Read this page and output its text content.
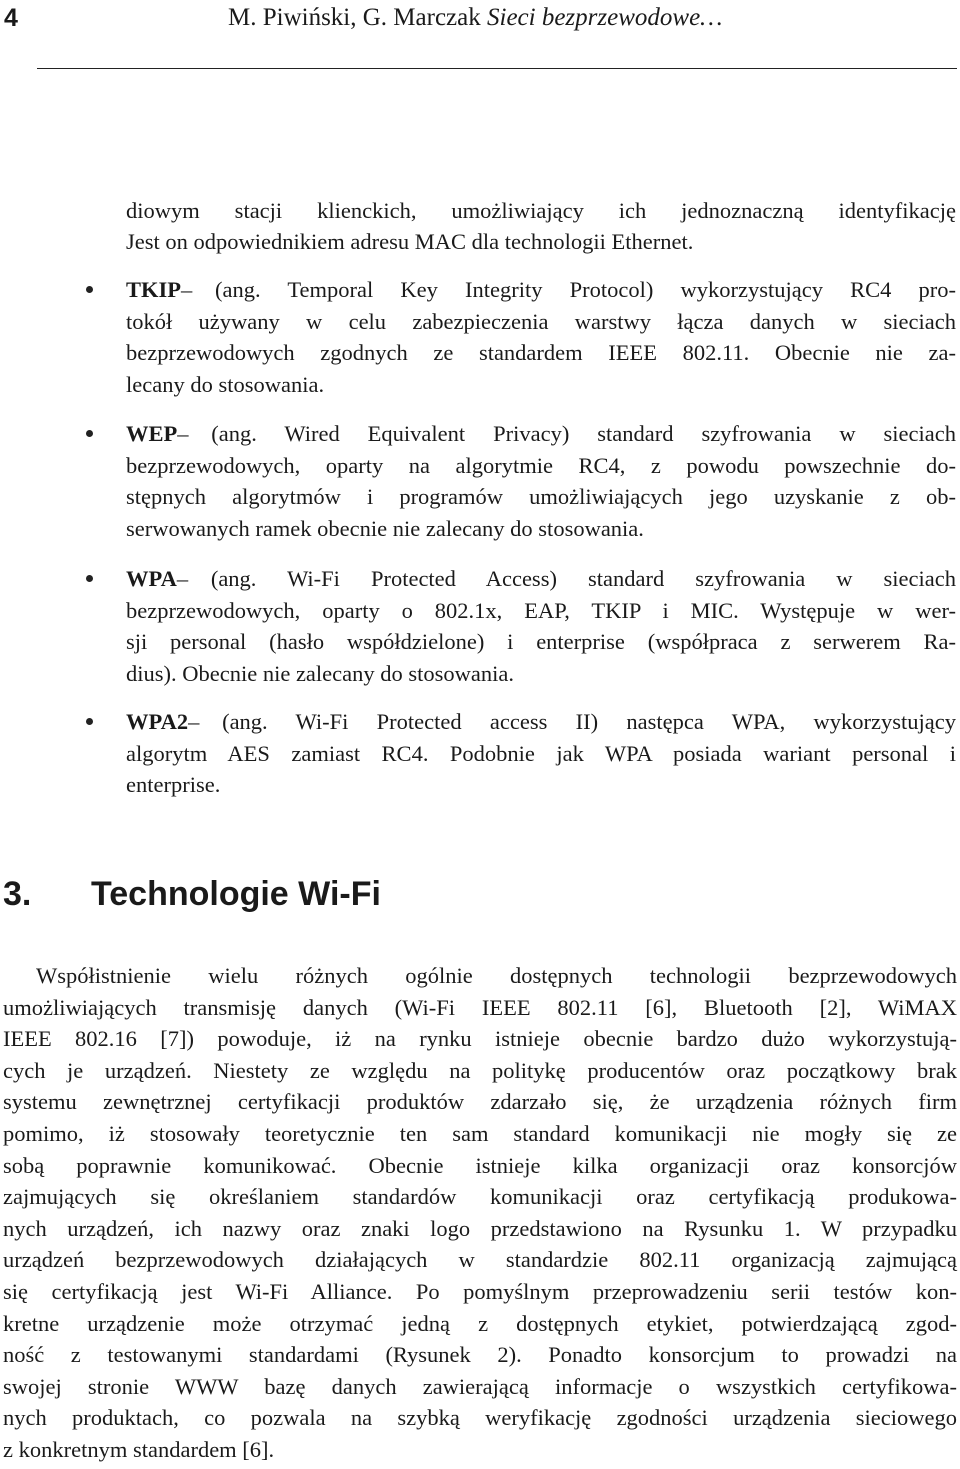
4	M. Piwiński, G. Marczak Sieci bezprzewodowe…
diowym stacji klienckich, umożliwiający ich jednoznaczną identyfikację
Jest on odpowiednikiem adresu MAC dla technologii Ethernet.
TKIP– (ang. Temporal Key Integrity Protocol) wykorzystujący RC4 pro-
tokół używany w celu zabezpieczenia warstwy łącza danych w sieciach
bezprzewodowych zgodnych ze standardem IEEE 802.11. Obecnie nie za-
lecany do stosowania.
WEP– (ang. Wired Equivalent Privacy) standard szyfrowania w sieciach
bezprzewodowych, oparty na algorytmie RC4, z powodu powszechnie do-
stępnych algorytmów i programów umożliwiających jego uzyskanie z ob-
serwowanych ramek obecnie nie zalecany do stosowania.
WPA– (ang. Wi-Fi Protected Access) standard szyfrowania w sieciach
bezprzewodowych, oparty o 802.1x, EAP, TKIP i MIC. Występuje w wer-
sji personal (hasło współdzielone) i enterprise (współpraca z serwerem Ra-
dius). Obecnie nie zalecany do stosowania.
WPA2– (ang. Wi-Fi Protected access II) następca WPA, wykorzystujący
algorytm AES zamiast RC4. Podobnie jak WPA posiada wariant personal i
enterprise.
3. Technologie Wi-Fi
Współistnienie wielu różnych ogólnie dostępnych technologii bezprzewodowych
umożliwiających transmisję danych (Wi-Fi IEEE 802.11 [6], Bluetooth [2], WiMAX
IEEE 802.16 [7]) powoduje, iż na rynku istnieje obecnie bardzo dużo wykorzystują-
cych je urządzeń. Niestety ze względu na politykę producentów oraz początkowy brak
systemu zewnętrznej certyfikacji produktów zdarzało się, że urządzenia różnych firm
pomimo, iż stosowały teoretycznie ten sam standard komunikacji nie mogły się ze
sobą poprawnie komunikować. Obecnie istnieje kilka organizacji oraz konsorcjów
zajmujących się określaniem standardów komunikacji oraz certyfikacją produkowa-
nych urządzeń, ich nazwy oraz znaki logo przedstawiono na Rysunku 1. W przypadku
urządzeń bezprzewodowych działających w standardzie 802.11 organizacją zajmującą
się certyfikacją jest Wi-Fi Alliance. Po pomyślnym przeprowadzeniu serii testów kon-
kretne urządzenie może otrzymać jedną z dostępnych etykiet, potwierdzającą zgod-
ność z testowanymi standardami (Rysunek 2). Ponadto konsorcjum to prowadzi na
swojej stronie WWW bazę danych zawierającą informacje o wszystkich certyfikowa-
nych produktach, co pozwala na szybką weryfikację zgodności urządzenia sieciowego
z konkretnym standardem [6].
